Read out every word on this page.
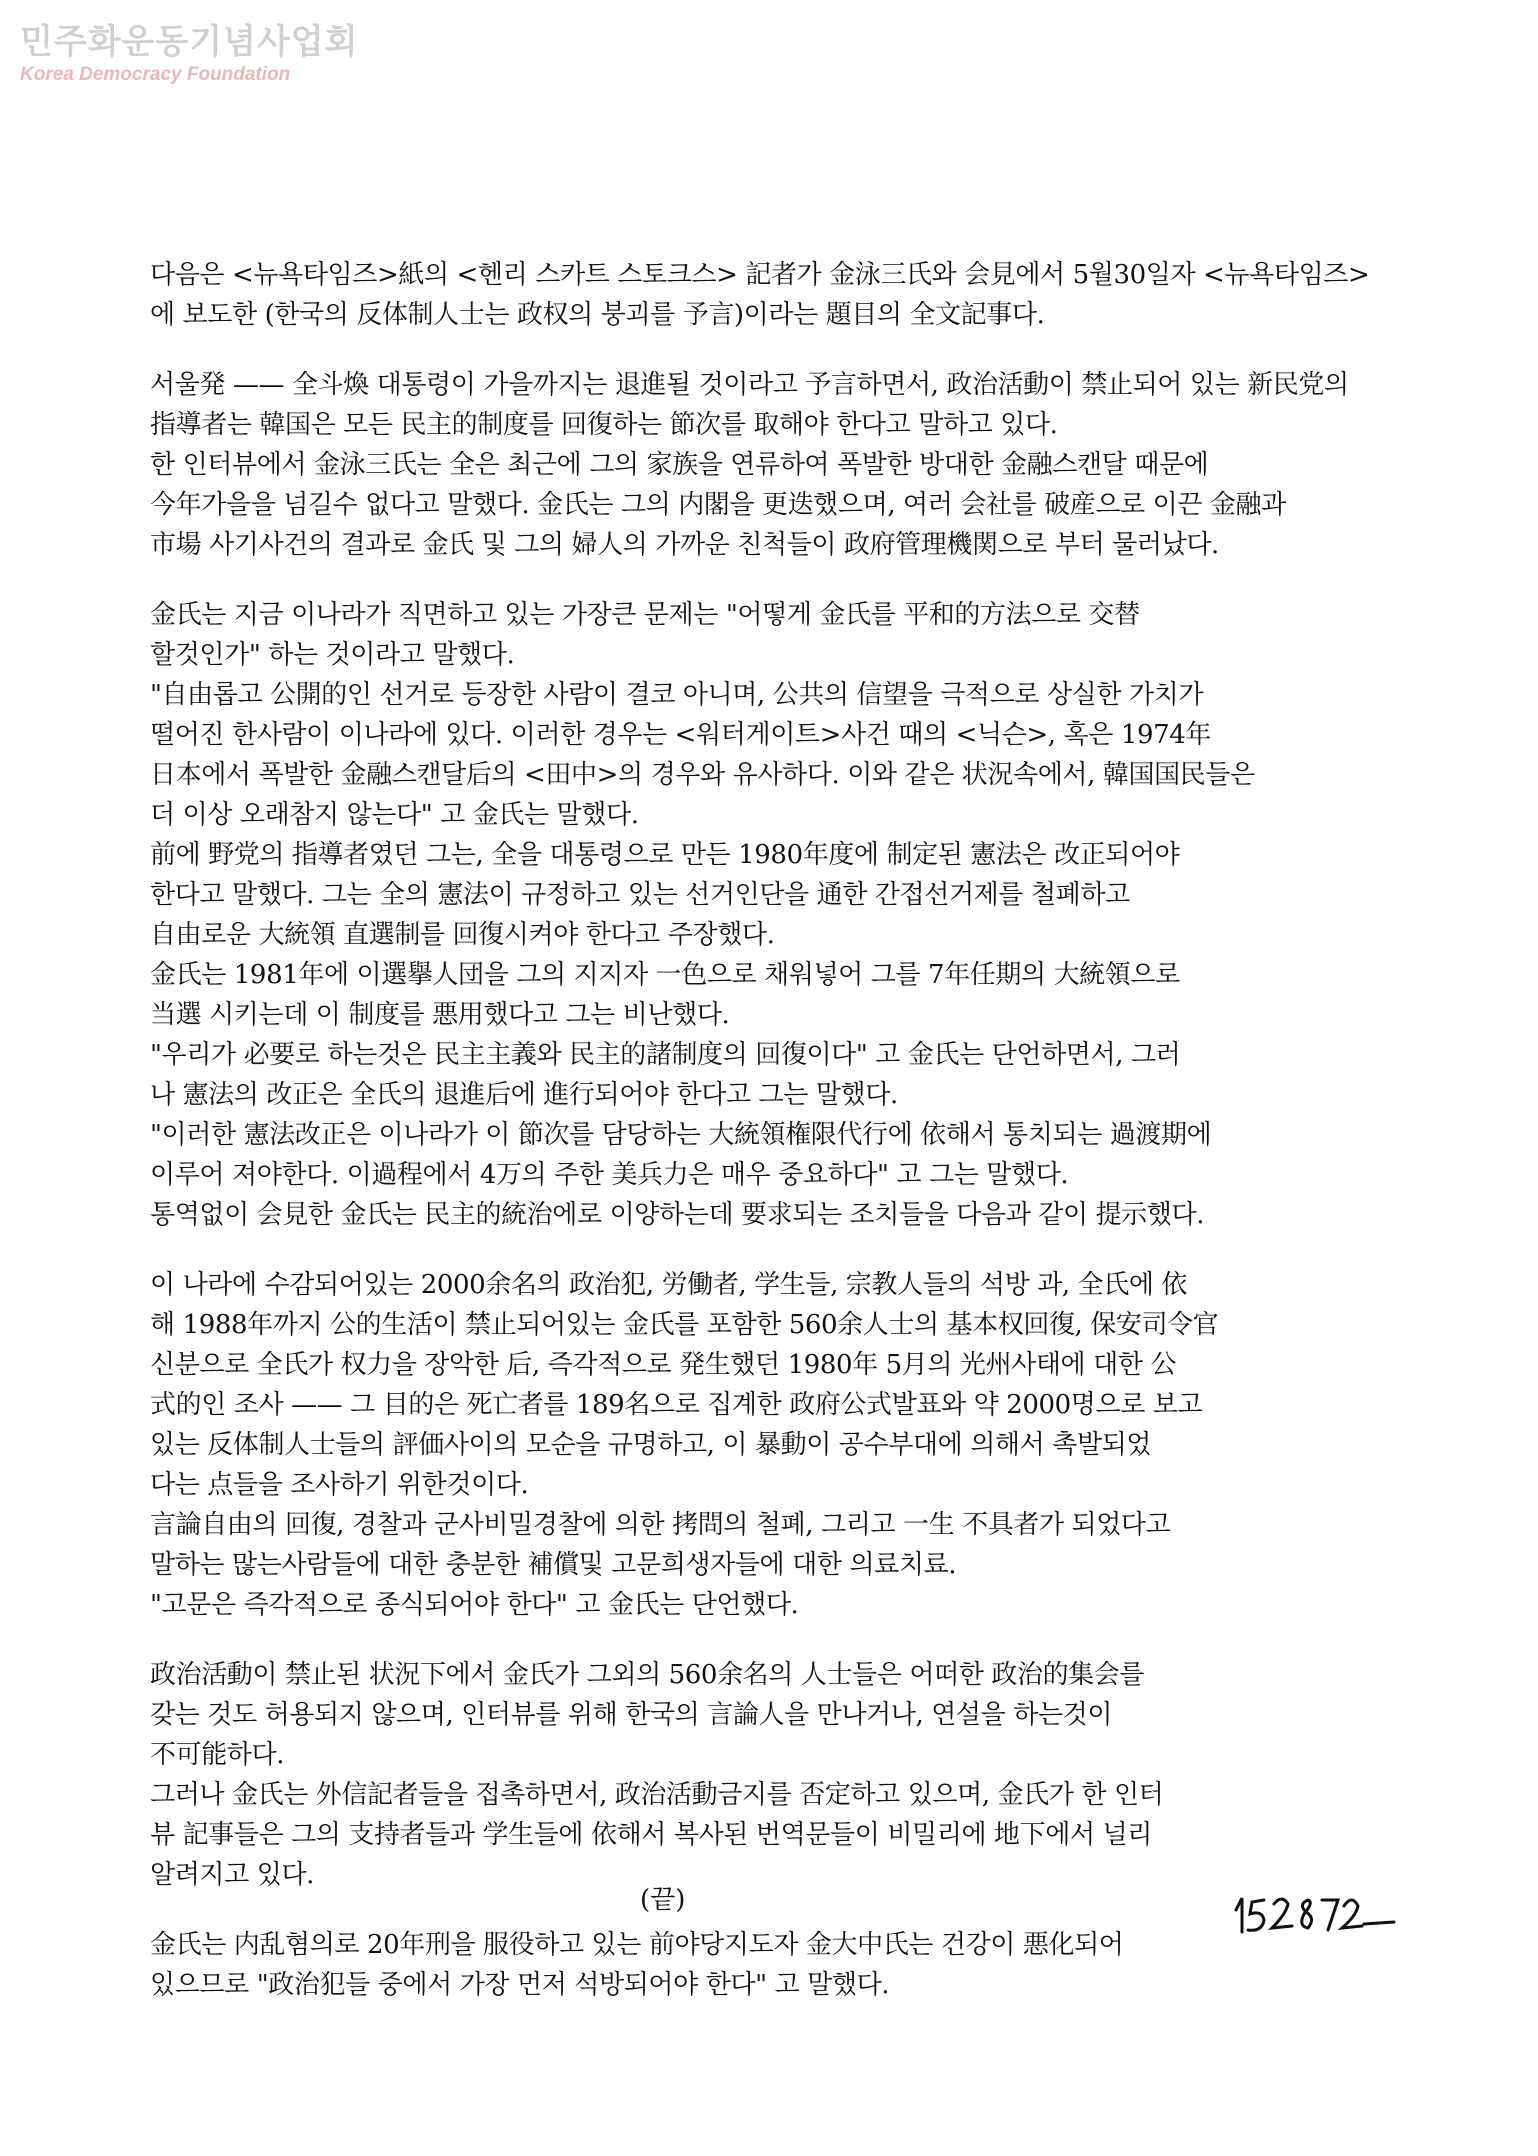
민주화운동기념사업회
Korea Democracy Foundation
다음은 <뉴욕타임즈>紙의 <헨리 스카트 스토크스> 記者가 金泳三氏와 会見에서 5월30일자 <뉴욕타임즈>
에 보도한 (한국의 反体制人士는 政权의 붕괴를 予言)이라는 題目의 全文記事다.
서울発 —— 全斗煥 대통령이 가을까지는 退進될 것이라고 予言하면서, 政治活動이 禁止되어 있는 新民党의
指導者는 韓国은 모든 民主的制度를 回復하는 節次를 取해야 한다고 말하고 있다.
한 인터뷰에서 金泳三氏는 全은 최근에 그의 家族을 연류하여 폭발한 방대한 金融스캔달 때문에
今年가을을 넘길수 없다고 말했다. 金氏는 그의 内閣을 更迭했으며, 여러 会社를 破産으로 이끈 金融과
市場 사기사건의 결과로 金氏 및 그의 婦人의 가까운 친척들이 政府管理機関으로 부터 물러났다.
金氏는 지금 이나라가 직면하고 있는 가장큰 문제는 "어떻게 金氏를 平和的方法으로 交替
할것인가" 하는 것이라고 말했다.
"自由롭고 公開的인 선거로 등장한 사람이 결코 아니며, 公共의 信望을 극적으로 상실한 가치가
떨어진 한사람이 이나라에 있다. 이러한 경우는 <워터게이트>사건 때의 <닉슨>, 혹은 1974年
日本에서 폭발한 金融스캔달后의 <田中>의 경우와 유사하다. 이와 같은 状況속에서, 韓国国民들은
더 이상 오래참지 않는다" 고 金氏는 말했다.
前에 野党의 指導者였던 그는, 全을 대통령으로 만든 1980年度에 制定된 憲法은 改正되어야
한다고 말했다. 그는 全의 憲法이 규정하고 있는 선거인단을 通한 간접선거제를 철폐하고
自由로운 大統領 直選制를 回復시켜야 한다고 주장했다.
金氏는 1981年에 이選擧人団을 그의 지지자 一色으로 채워넣어 그를 7年任期의 大統領으로
当選 시키는데 이 制度를 悪用했다고 그는 비난했다.
"우리가 必要로 하는것은 民主主義와 民主的諸制度의 回復이다" 고 金氏는 단언하면서, 그러
나 憲法의 改正은 全氏의 退進后에 進行되어야 한다고 그는 말했다.
"이러한 憲法改正은 이나라가 이 節次를 담당하는 大統領権限代行에 依해서 통치되는 過渡期에
이루어 져야한다. 이過程에서 4万의 주한 美兵力은 매우 중요하다" 고 그는 말했다.
통역없이 会見한 金氏는 民主的統治에로 이양하는데 要求되는 조치들을 다음과 같이 提示했다.
이 나라에 수감되어있는 2000余名의 政治犯, 労働者, 学生들, 宗教人들의 석방 과, 全氏에 依
해 1988年까지 公的生活이 禁止되어있는 金氏를 포함한 560余人士의 基本权回復, 保安司令官
신분으로 全氏가 权力을 장악한 后, 즉각적으로 発生했던 1980年 5月의 光州사태에 대한 公
式的인 조사 —— 그 目的은 死亡者를 189名으로 집계한 政府公式발표와 약 2000명으로 보고
있는 反体制人士들의 評価사이의 모순을 규명하고, 이 暴動이 공수부대에 의해서 촉발되었
다는 点들을 조사하기 위한것이다.
言論自由의 回復, 경찰과 군사비밀경찰에 의한 拷問의 철폐, 그리고 一生 不具者가 되었다고
말하는 많는사람들에 대한 충분한 補償및 고문희생자들에 대한 의료치료.
"고문은 즉각적으로 종식되어야 한다" 고 金氏는 단언했다.
政治活動이 禁止된 状況下에서 金氏가 그외의 560余名의 人士들은 어떠한 政治的集会를
갖는 것도 허용되지 않으며, 인터뷰를 위해 한국의 言論人을 만나거나, 연설을 하는것이
不可能하다.
그러나 金氏는 外信記者들을 접촉하면서, 政治活動금지를 否定하고 있으며, 金氏가 한 인터
뷰 記事들은 그의 支持者들과 学生들에 依해서 복사된 번역문들이 비밀리에 地下에서 널리
알려지고 있다.
金氏는 内乱혐의로 20年刑을 服役하고 있는 前야당지도자 金大中氏는 건강이 悪化되어
있으므로 "政治犯들 중에서 가장 먼저 석방되어야 한다" 고 말했다.
(끝)
